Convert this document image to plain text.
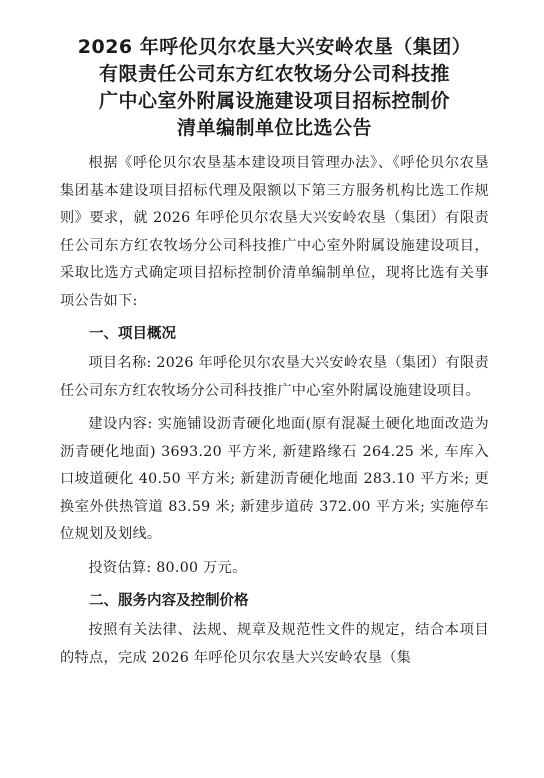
2026 年呼伦贝尔农垦大兴安岭农垦（集团）
有限责任公司东方红农牧场分公司科技推
广中心室外附属设施建设项目招标控制价
清单编制单位比选公告

根据《呼伦贝尔农垦基本建设项目管理办法》、《呼伦贝尔农垦集团基本建设项目招标代理及限额以下第三方服务机构比选工作规则》要求，就 2026 年呼伦贝尔农垦大兴安岭农垦（集团）有限责任公司东方红农牧场分公司科技推广中心室外附属设施建设项目，采取比选方式确定项目招标控制价清单编制单位，现将比选有关事项公告如下:

一、项目概况

项目名称: 2026 年呼伦贝尔农垦大兴安岭农垦（集团）有限责任公司东方红农牧场分公司科技推广中心室外附属设施建设项目。

建设内容: 实施铺设沥青硬化地面(原有混凝土硬化地面改造为沥青硬化地面) 3693.20 平方米, 新建路缘石 264.25 米, 车库入口坡道硬化 40.50 平方米; 新建沥青硬化地面 283.10 平方米; 更换室外供热管道 83.59 米; 新建步道砖 372.00 平方米; 实施停车位规划及划线。

投资估算: 80.00 万元。

二、服务内容及控制价格

按照有关法律、法规、规章及规范性文件的规定，结合本项目的特点，完成 2026 年呼伦贝尔农垦大兴安岭农垦（集
